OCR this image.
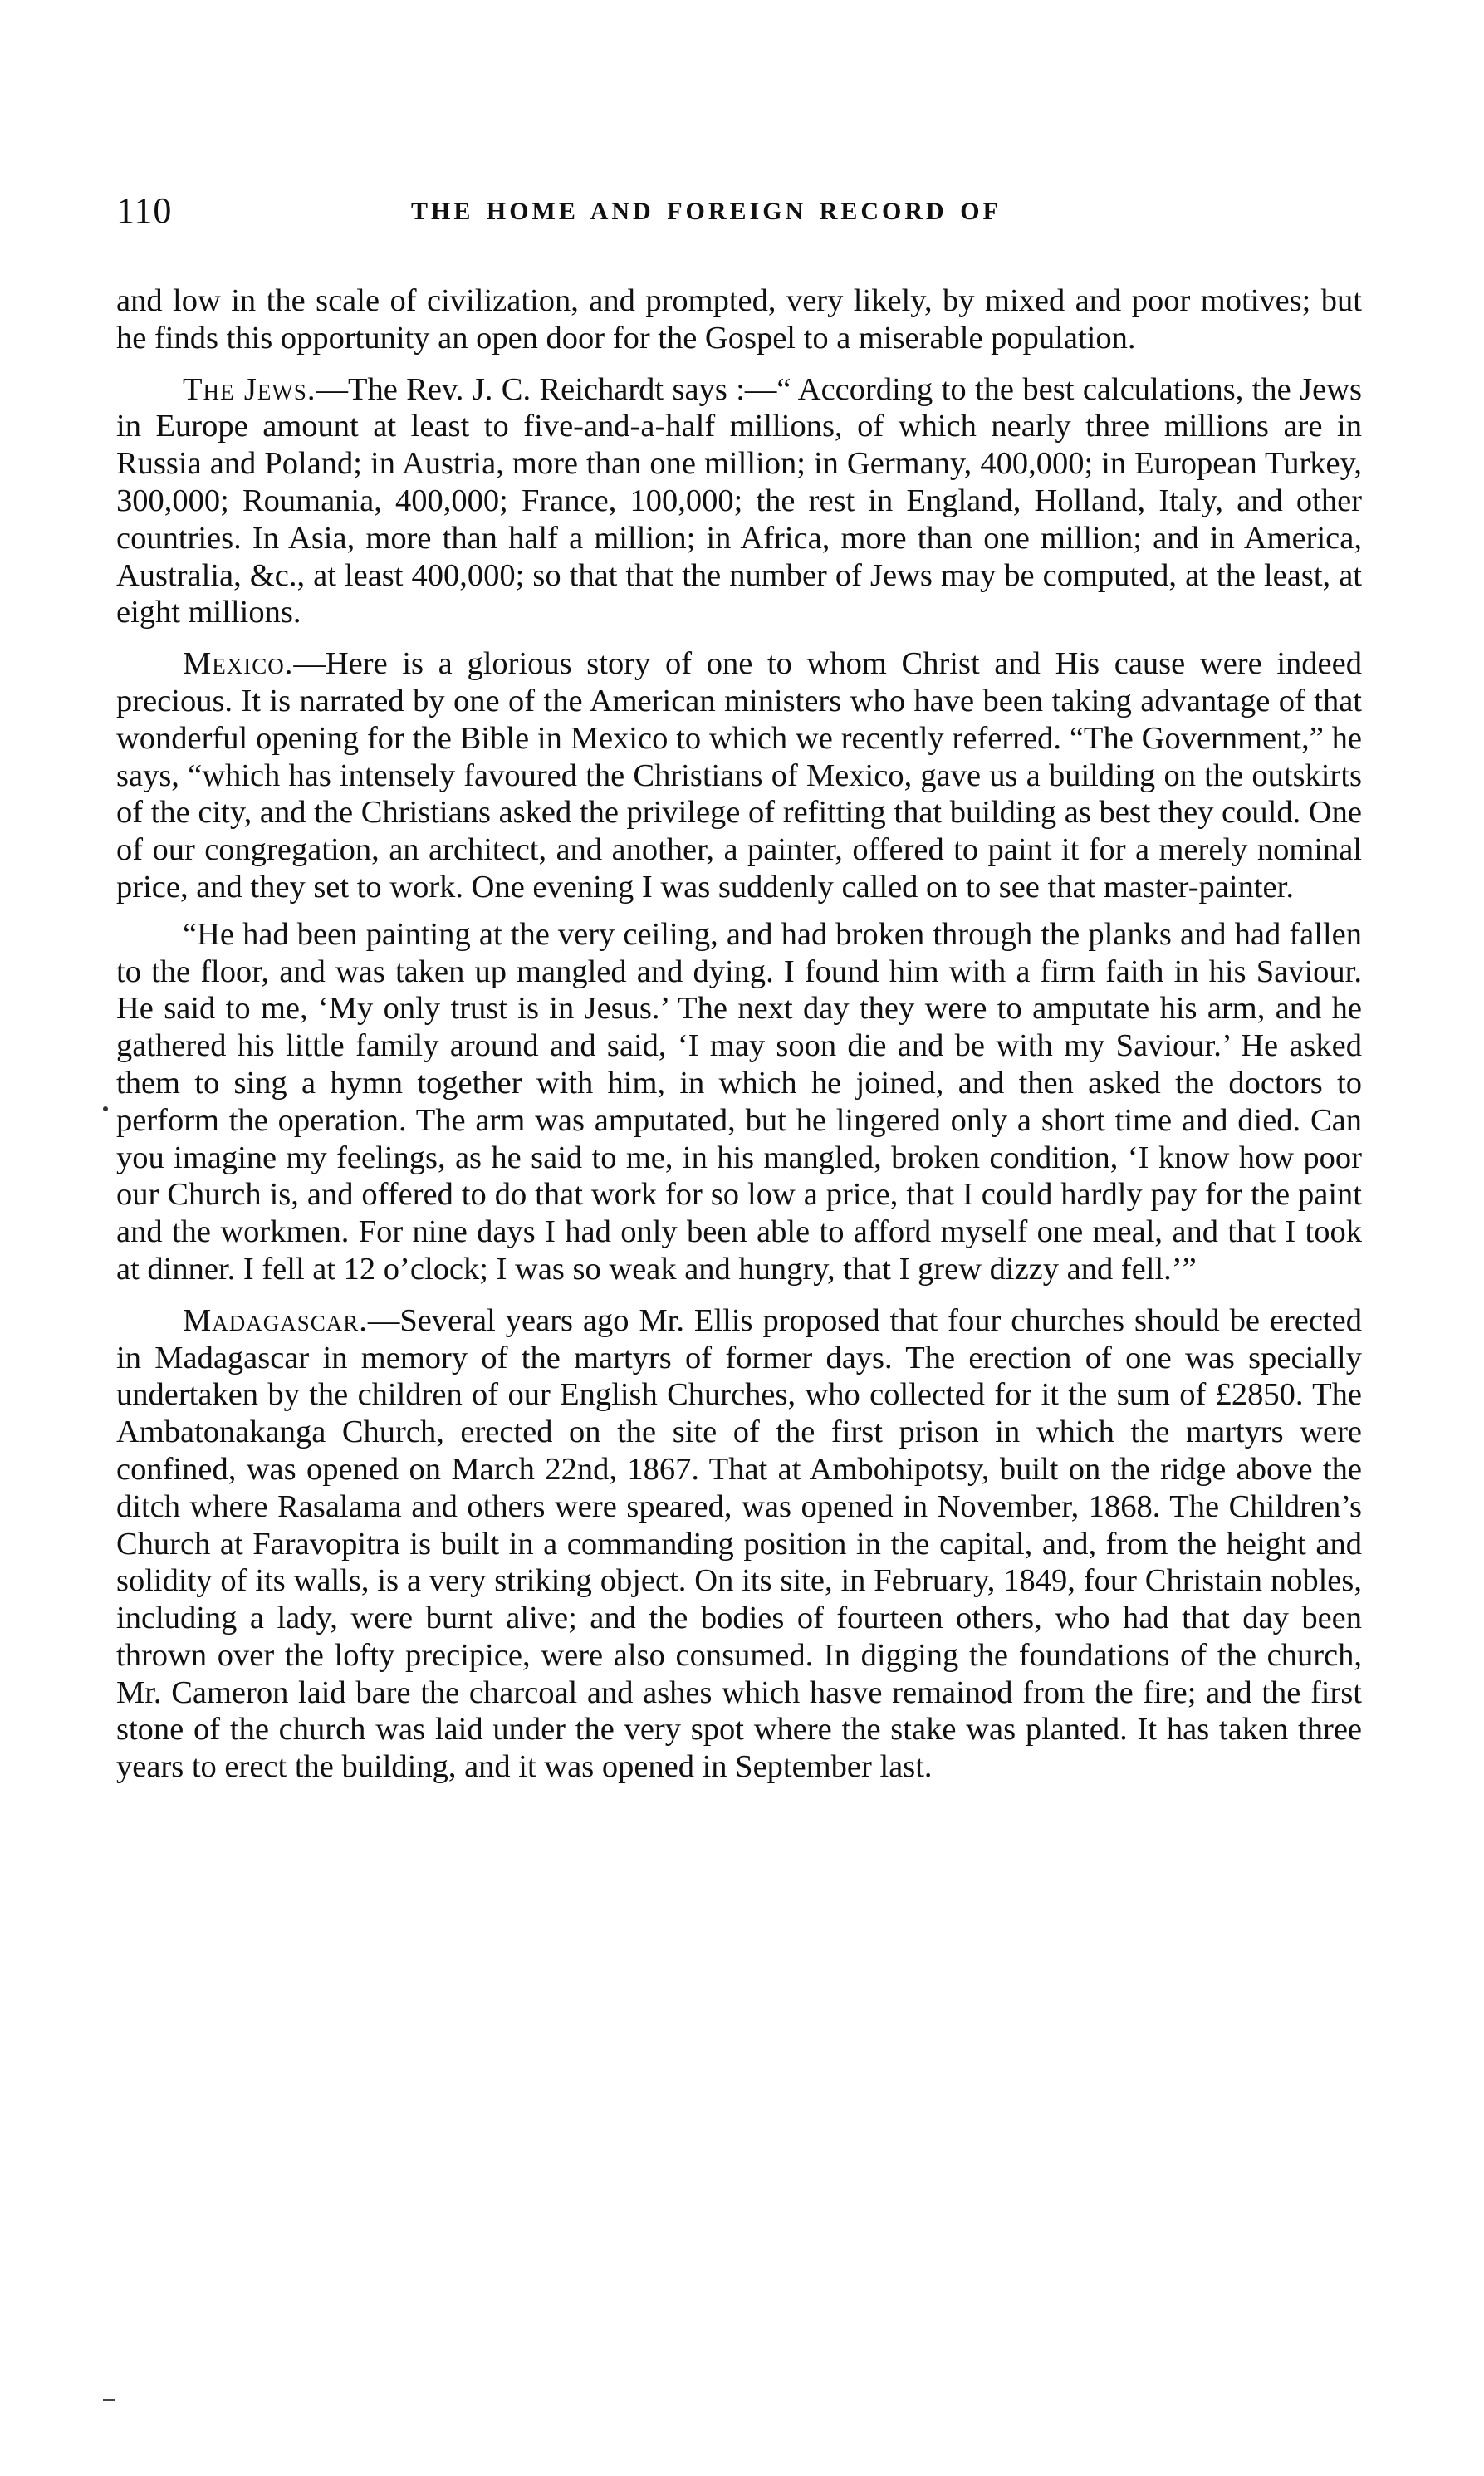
110	THE HOME AND FOREIGN RECORD OF

and low in the scale of civilization, and prompted, very likely, by mixed and poor motives; but he finds this opportunity an open door for the Gospel to a miserable population.

The Jews.—The Rev. J. C. Reichardt says :—“ According to the best calculations, the Jews in Europe amount at least to five-and-a-half millions, of which nearly three millions are in Russia and Poland; in Austria, more than one million; in Germany, 400,000; in European Turkey, 300,000; Roumania, 400,000; France, 100,000; the rest in England, Holland, Italy, and other countries. In Asia, more than half a million; in Africa, more than one million; and in America, Australia, &c., at least 400,000; so that that the number of Jews may be computed, at the least, at eight millions.

Mexico.—Here is a glorious story of one to whom Christ and His cause were indeed precious. It is narrated by one of the American ministers who have been taking advantage of that wonderful opening for the Bible in Mexico to which we recently referred. “The Government,” he says, “which has intensely favoured the Christians of Mexico, gave us a building on the outskirts of the city, and the Christians asked the privilege of refitting that building as best they could. One of our congregation, an architect, and another, a painter, offered to paint it for a merely nominal price, and they set to work. One evening I was suddenly called on to see that master-painter.

“He had been painting at the very ceiling, and had broken through the planks and had fallen to the floor, and was taken up mangled and dying. I found him with a firm faith in his Saviour. He said to me, ‘My only trust is in Jesus.’ The next day they were to amputate his arm, and he gathered his little family around and said, ‘I may soon die and be with my Saviour.’ He asked them to sing a hymn together with him, in which he joined, and then asked the doctors to perform the operation. The arm was amputated, but he lingered only a short time and died. Can you imagine my feelings, as he said to me, in his mangled, broken condition, ‘I know how poor our Church is, and offered to do that work for so low a price, that I could hardly pay for the paint and the workmen. For nine days I had only been able to afford myself one meal, and that I took at dinner. I fell at 12 o’clock; I was so weak and hungry, that I grew dizzy and fell.’”

Madagascar.—Several years ago Mr. Ellis proposed that four churches should be erected in Madagascar in memory of the martyrs of former days. The erection of one was specially undertaken by the children of our English Churches, who collected for it the sum of £2850. The Ambatonakanga Church, erected on the site of the first prison in which the martyrs were confined, was opened on March 22nd, 1867. That at Ambohipotsy, built on the ridge above the ditch where Rasalama and others were speared, was opened in November, 1868. The Children’s Church at Faravopitra is built in a commanding position in the capital, and, from the height and solidity of its walls, is a very striking object. On its site, in February, 1849, four Christain nobles, including a lady, were burnt alive; and the bodies of fourteen others, who had that day been thrown over the lofty precipice, were also consumed. In digging the foundations of the church, Mr. Cameron laid bare the charcoal and ashes which hasve remainod from the fire; and the first stone of the church was laid under the very spot where the stake was planted. It has taken three years to erect the building, and it was opened in September last.
